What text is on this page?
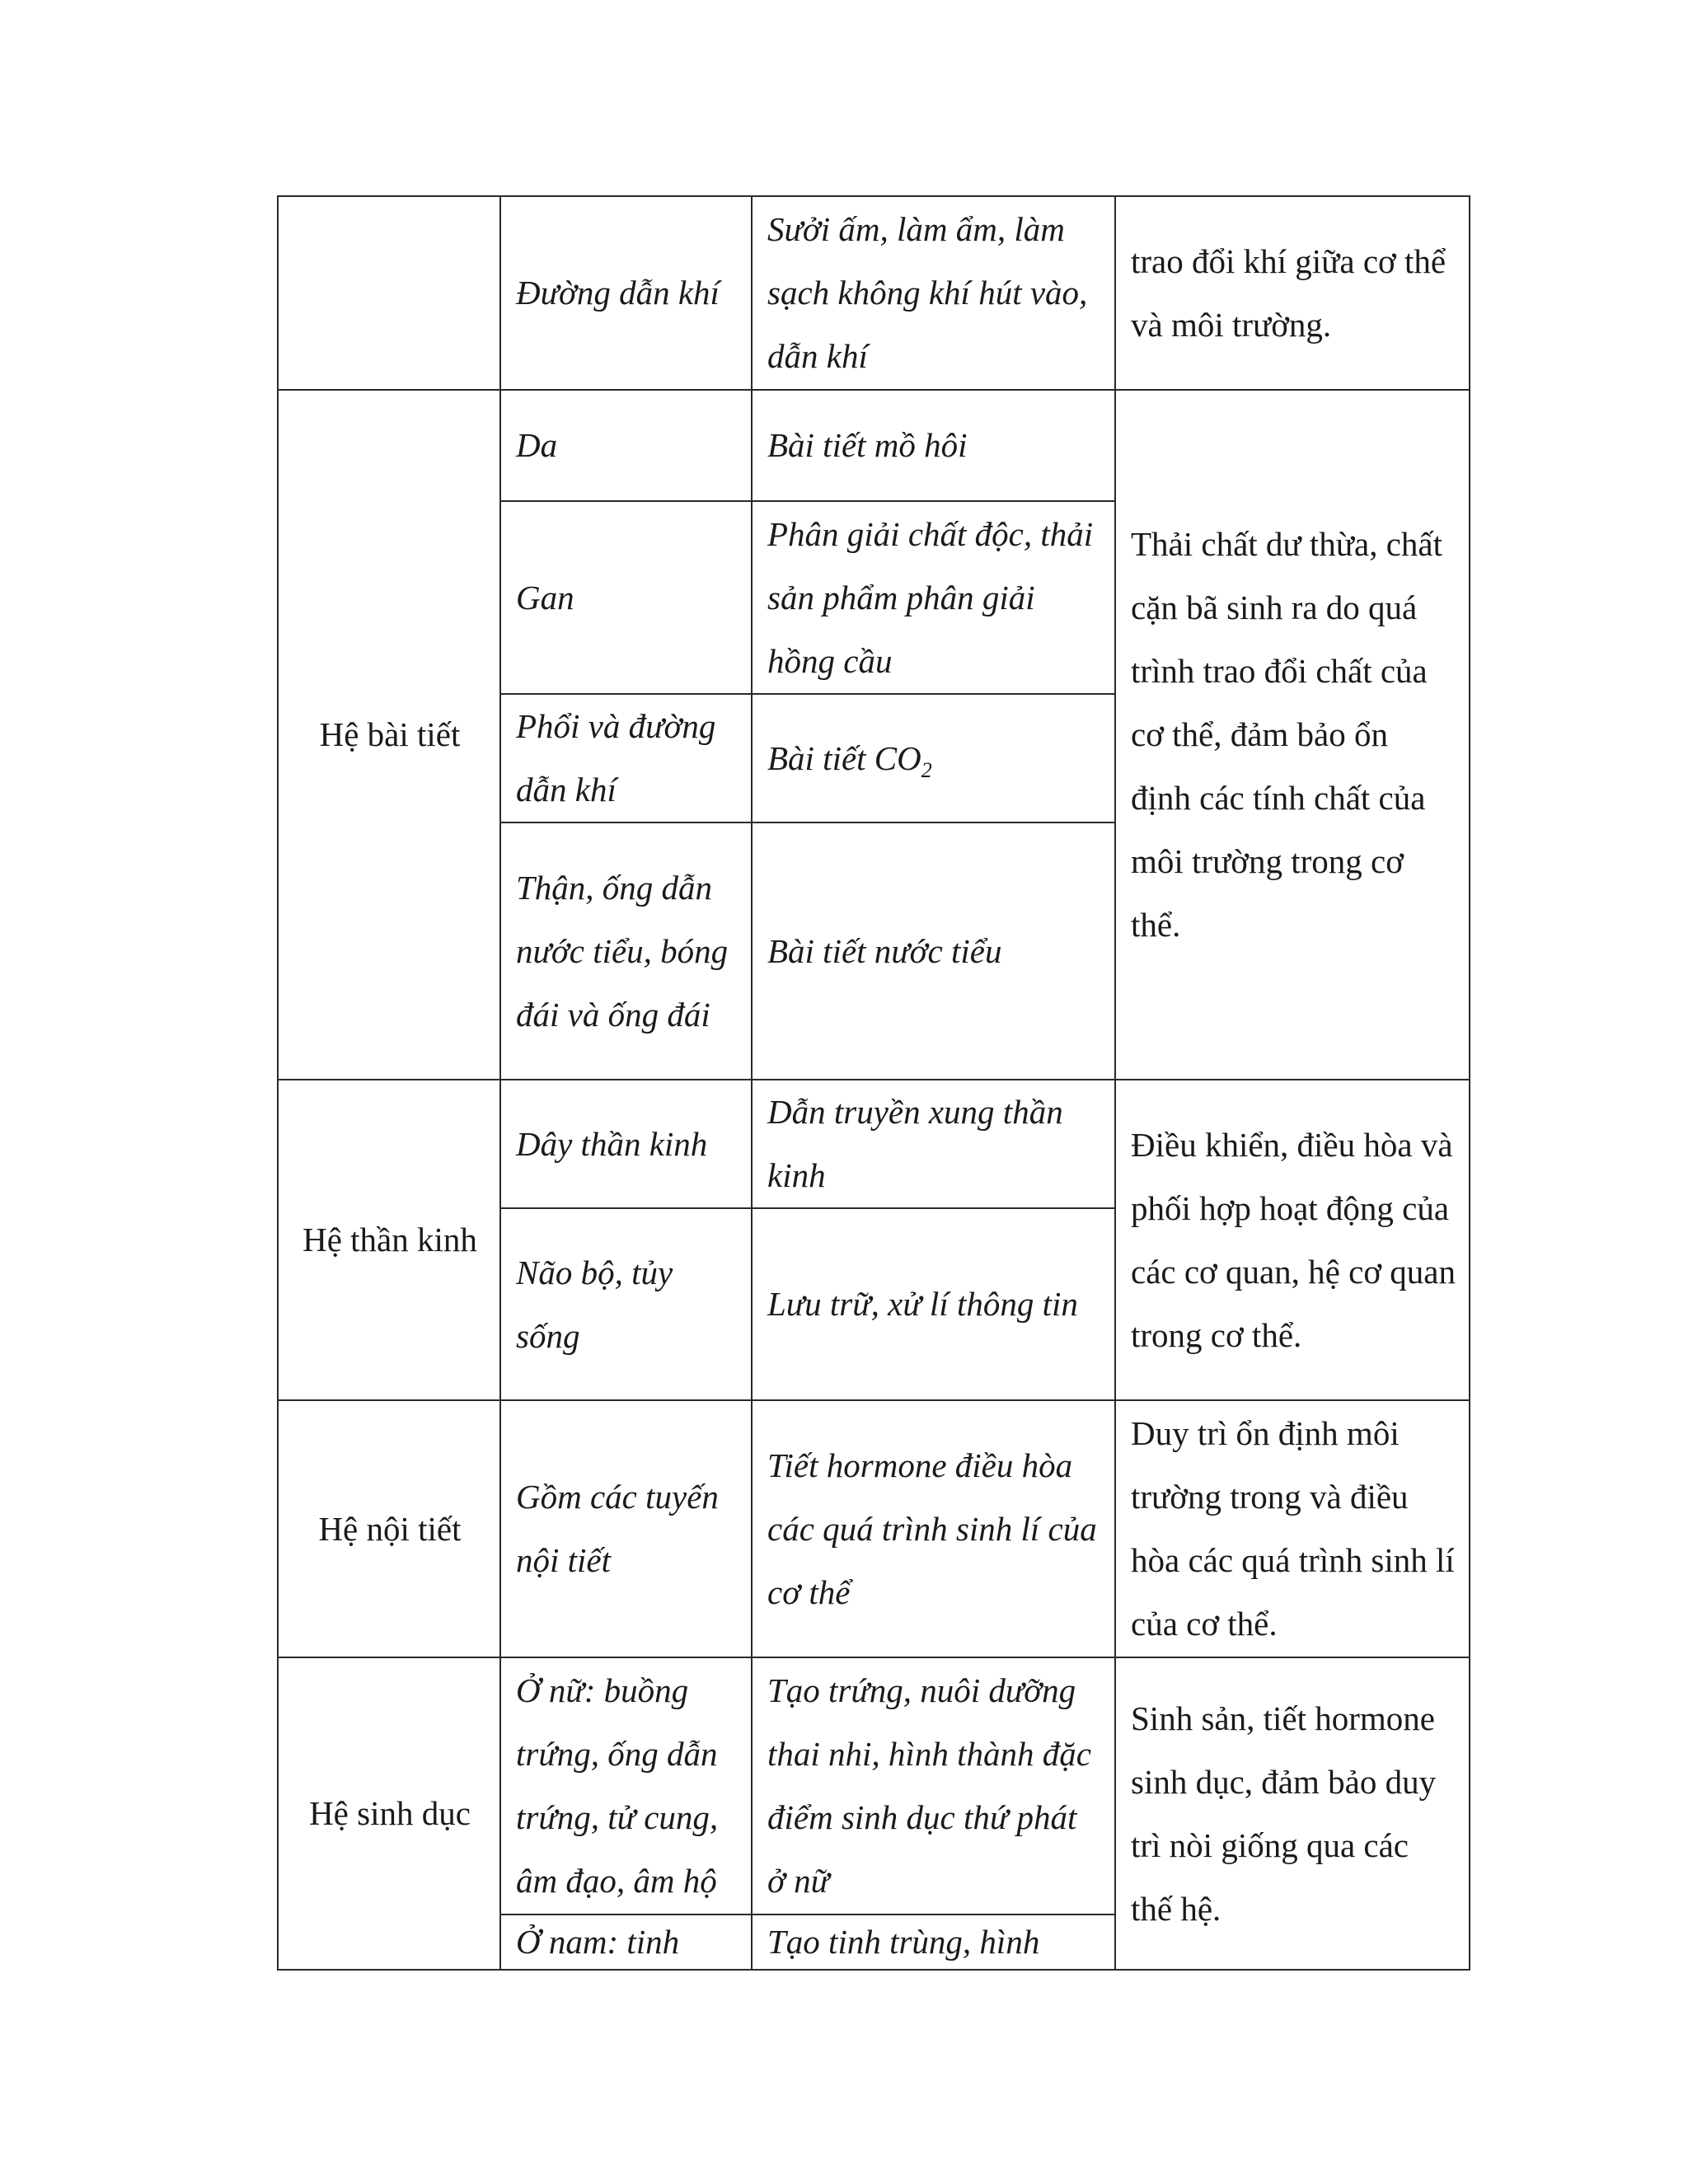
	Đường dẫn khí	Sưởi ấm, làm ẩm, làm sạch không khí hút vào, dẫn khí	trao đổi khí giữa cơ thể và môi trường.

Hệ bài tiết	Da	Bài tiết mồ hôi	Thải chất dư thừa, chất cặn bã sinh ra do quá trình trao đổi chất của cơ thể, đảm bảo ổn định các tính chất của môi trường trong cơ thể.

	Gan	Phân giải chất độc, thải sản phẩm phân giải hồng cầu	

	Phổi và đường dẫn khí	Bài tiết $CO_2$

	Thận, ống dẫn nước tiểu, bóng đái và ống đái	Bài tiết nước tiểu	

Hệ thần kinh	Dây thần kinh	Dẫn truyền xung thần kinh	Điều khiển, điều hòa và phối hợp hoạt động của các cơ quan, hệ cơ quan trong cơ thể.

	Não bộ, tủy sống	Lưu trữ, xử lí thông tin	

Hệ nội tiết	Gồm các tuyến nội tiết	Tiết hormone điều hòa các quá trình sinh lí của cơ thể	Duy trì ổn định môi trường trong và điều hòa các quá trình sinh lí của cơ thể.

Hệ sinh dục	Ở nữ: buồng trứng, ống dẫn trứng, tử cung, âm đạo, âm hộ	Tạo trứng, nuôi dưỡng thai nhi, hình thành đặc điểm sinh dục thứ phát ở nữ	Sinh sản, tiết hormone sinh dục, đảm bảo duy trì nòi giống qua các thế hệ.

	Ở nam: tinh	Tạo tinh trùng, hình	
